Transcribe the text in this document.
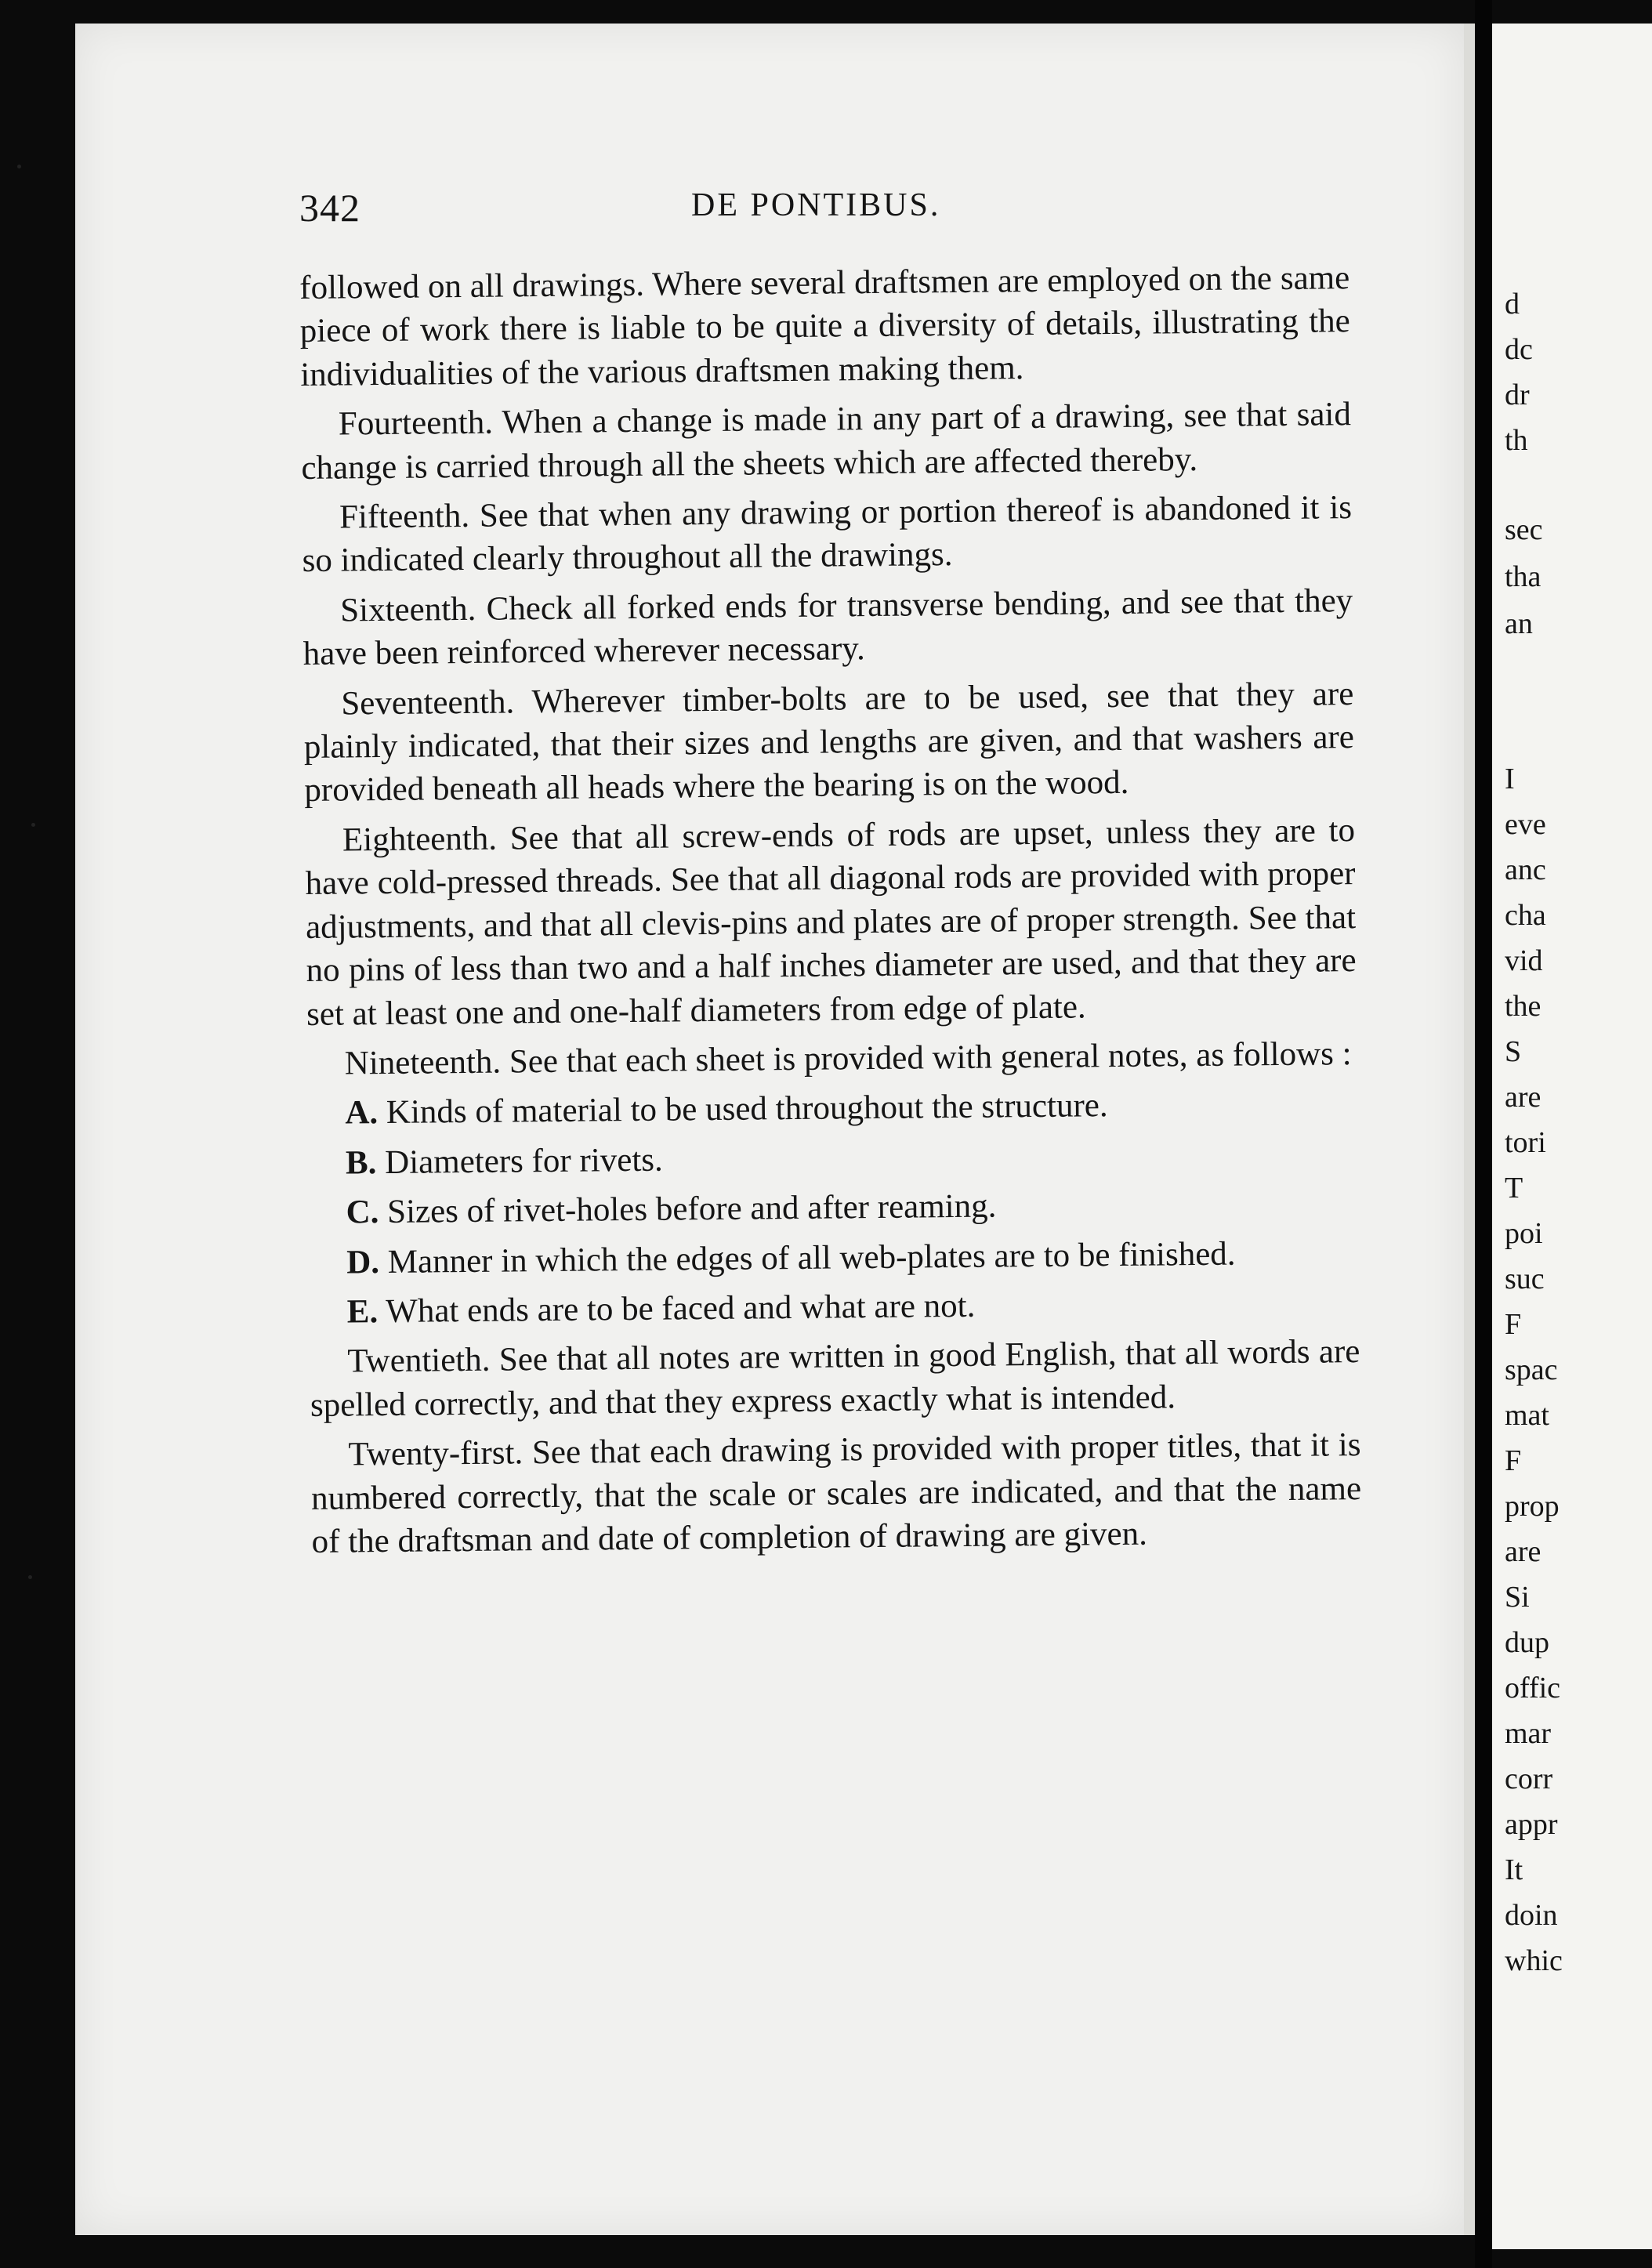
342	DE PONTIBUS.

followed on all drawings. Where several draftsmen are employed on the same piece of work there is liable to be quite a diversity of details, illustrating the individualities of the various draftsmen making them.

Fourteenth. When a change is made in any part of a drawing, see that said change is carried through all the sheets which are affected thereby.

Fifteenth. See that when any drawing or portion thereof is abandoned it is so indicated clearly throughout all the drawings.

Sixteenth. Check all forked ends for transverse bending, and see that they have been reinforced wherever necessary.

Seventeenth. Wherever timber-bolts are to be used, see that they are plainly indicated, that their sizes and lengths are given, and that washers are provided beneath all heads where the bearing is on the wood.

Eighteenth. See that all screw-ends of rods are upset, unless they are to have cold-pressed threads. See that all diagonal rods are provided with proper adjustments, and that all clevis-pins and plates are of proper strength. See that no pins of less than two and a half inches diameter are used, and that they are set at least one and one-half diameters from edge of plate.

Nineteenth. See that each sheet is provided with general notes, as follows :

A. Kinds of material to be used throughout the structure.

B. Diameters for rivets.

C. Sizes of rivet-holes before and after reaming.

D. Manner in which the edges of all web-plates are to be finished.

E. What ends are to be faced and what are not.

Twentieth. See that all notes are written in good English, that all words are spelled correctly, and that they express exactly what is intended.

Twenty-first. See that each drawing is provided with proper titles, that it is numbered correctly, that the scale or scales are indicated, and that the name of the draftsman and date of completion of drawing are given.

d
dc
dr
th
sec
tha
an
I
eve
anc
cha
vid
the
S
are
tori
T
poi
suc
F
spac
mat
F
prop
are
Si
dup
offic
mar
corr
appr
It
doin
whic
